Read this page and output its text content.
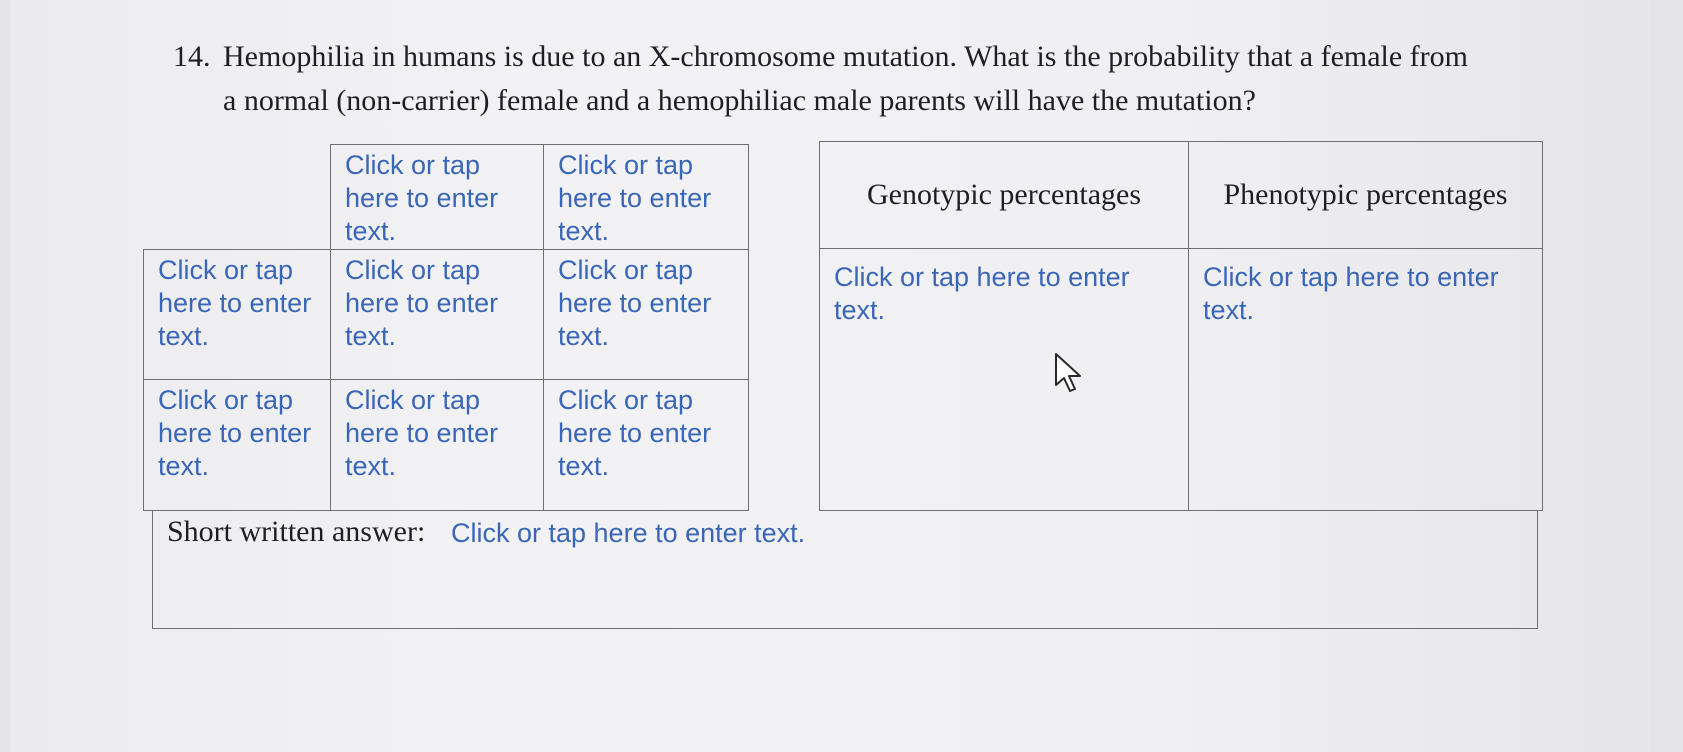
14. Hemophilia in humans is due to an X-chromosome mutation. What is the probability that a female from
a normal (non-carrier) female and a hemophiliac male parents will have the mutation?

	Click or tap here to enter text.	Click or tap here to enter text.

Click or tap here to enter text.	Click or tap here to enter text.	Click or tap here to enter text.

Click or tap here to enter text.	Click or tap here to enter text.	Click or tap here to enter text.
Genotypic percentages	Phenotypic percentages

Click or tap here to enter text.	Click or tap here to enter text.
Short written answer: Click or tap here to enter text.
